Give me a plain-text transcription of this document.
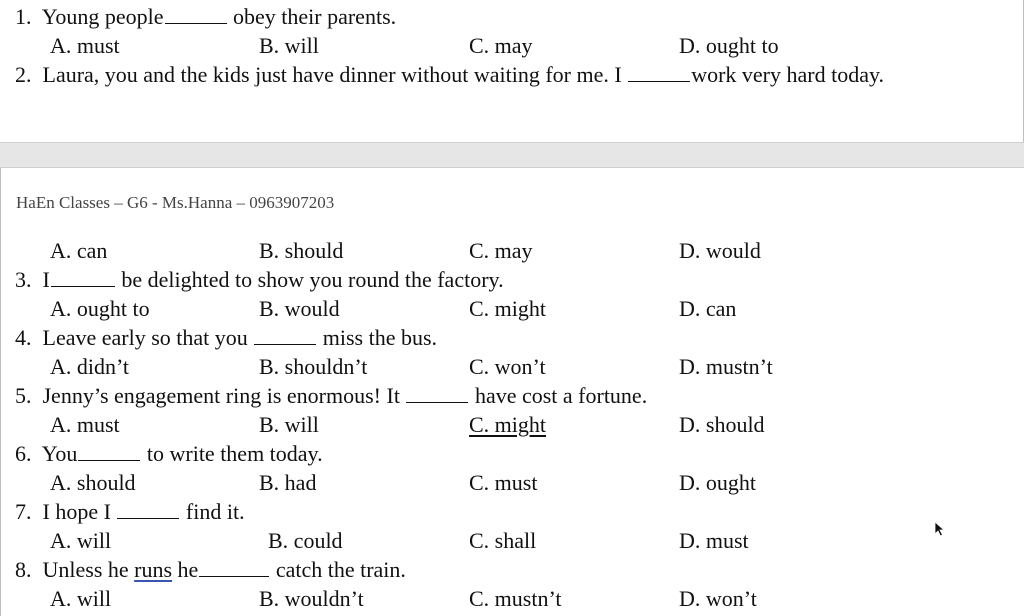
1. Young people	obey their parents.
A. must	B. will	C. may	D. ought to
2. Laura, you and the kids just have dinner without waiting for me. I	work very hard today.
HaEn Classes – G6 - Ms.Hanna – 0963907203
A. can	B. should	C. may	D. would
3. I	be delighted to show you round the factory.
A. ought to	B. would	C. might	D. can
4. Leave early so that you	miss the bus.
A. didn’t	B. shouldn’t	C. won’t	D. mustn’t
5. Jenny’s engagement ring is enormous! It	have cost a fortune.
A. must	B. will	C. might	D. should
6. You	to write them today.
A. should	B. had	C. must	D. ought
7. I hope I	find it.
A. will	B. could	C. shall	D. must
8. Unless he runs he	catch the train.
A. will	B. wouldn’t	C. mustn’t	D. won’t
